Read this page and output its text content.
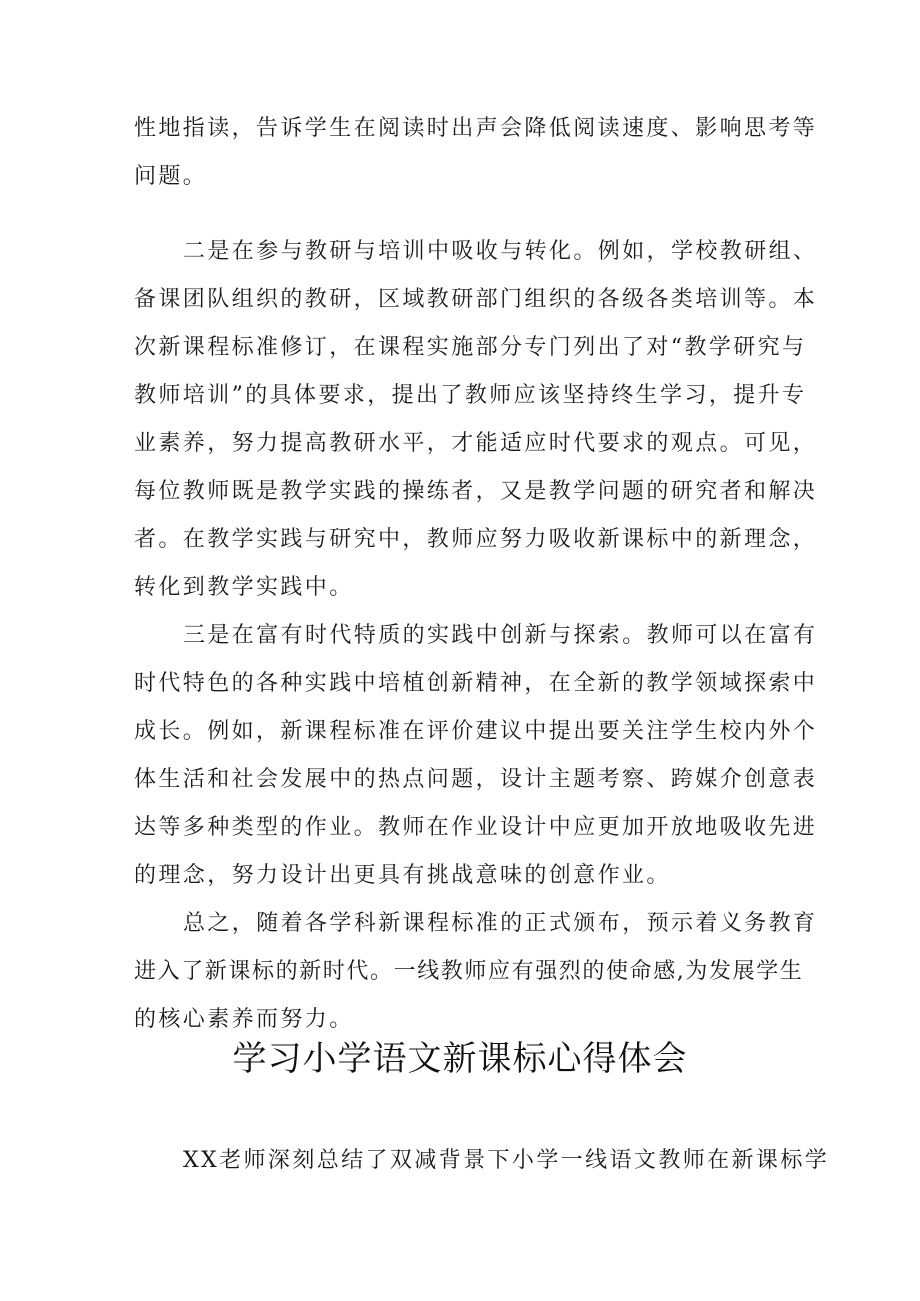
性地指读，告诉学生在阅读时出声会降低阅读速度、影响思考等
问题。
二是在参与教研与培训中吸收与转化。例如，学校教研组、
备课团队组织的教研，区域教研部门组织的各级各类培训等。本
次新课程标准修订，在课程实施部分专门列出了对“教学研究与
教师培训”的具体要求，提出了教师应该坚持终生学习，提升专
业素养，努力提高教研水平，才能适应时代要求的观点。可见，
每位教师既是教学实践的操练者，又是教学问题的研究者和解决
者。在教学实践与研究中，教师应努力吸收新课标中的新理念，
转化到教学实践中。
三是在富有时代特质的实践中创新与探索。教师可以在富有
时代特色的各种实践中培植创新精神，在全新的教学领域探索中
成长。例如，新课程标准在评价建议中提出要关注学生校内外个
体生活和社会发展中的热点问题，设计主题考察、跨媒介创意表
达等多种类型的作业。教师在作业设计中应更加开放地吸收先进
的理念，努力设计出更具有挑战意味的创意作业。
总之，随着各学科新课程标准的正式颁布，预示着义务教育
进入了新课标的新时代。一线教师应有强烈的使命感,为发展学生
的核心素养而努力。
学习小学语文新课标心得体会
XX老师深刻总结了双减背景下小学一线语文教师在新课标学
